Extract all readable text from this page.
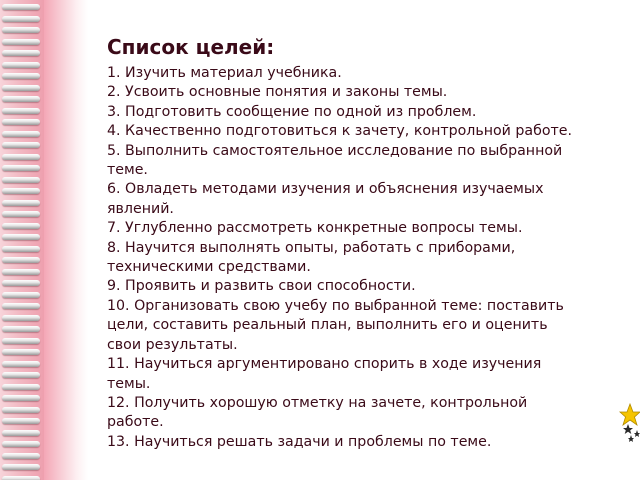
Список целей:
1. Изучить материал учебника.
2. Усвоить основные понятия и законы темы.
3. Подготовить сообщение по одной из проблем.
4. Качественно подготовиться к зачету, контрольной работе.
5. Выполнить самостоятельное исследование по выбранной теме.
6. Овладеть методами изучения и объяснения изучаемых явлений.
7. Углубленно рассмотреть конкретные вопросы темы.
8. Научится выполнять опыты, работать с приборами, техническими средствами.
9. Проявить и развить свои способности.
10. Организовать свою учебу по выбранной теме: поставить цели, составить реальный план, выполнить его и оценить свои результаты.
11. Научиться аргументировано спорить в ходе изучения темы.
12. Получить хорошую отметку на зачете, контрольной работе.
13. Научиться решать задачи и проблемы по теме.
